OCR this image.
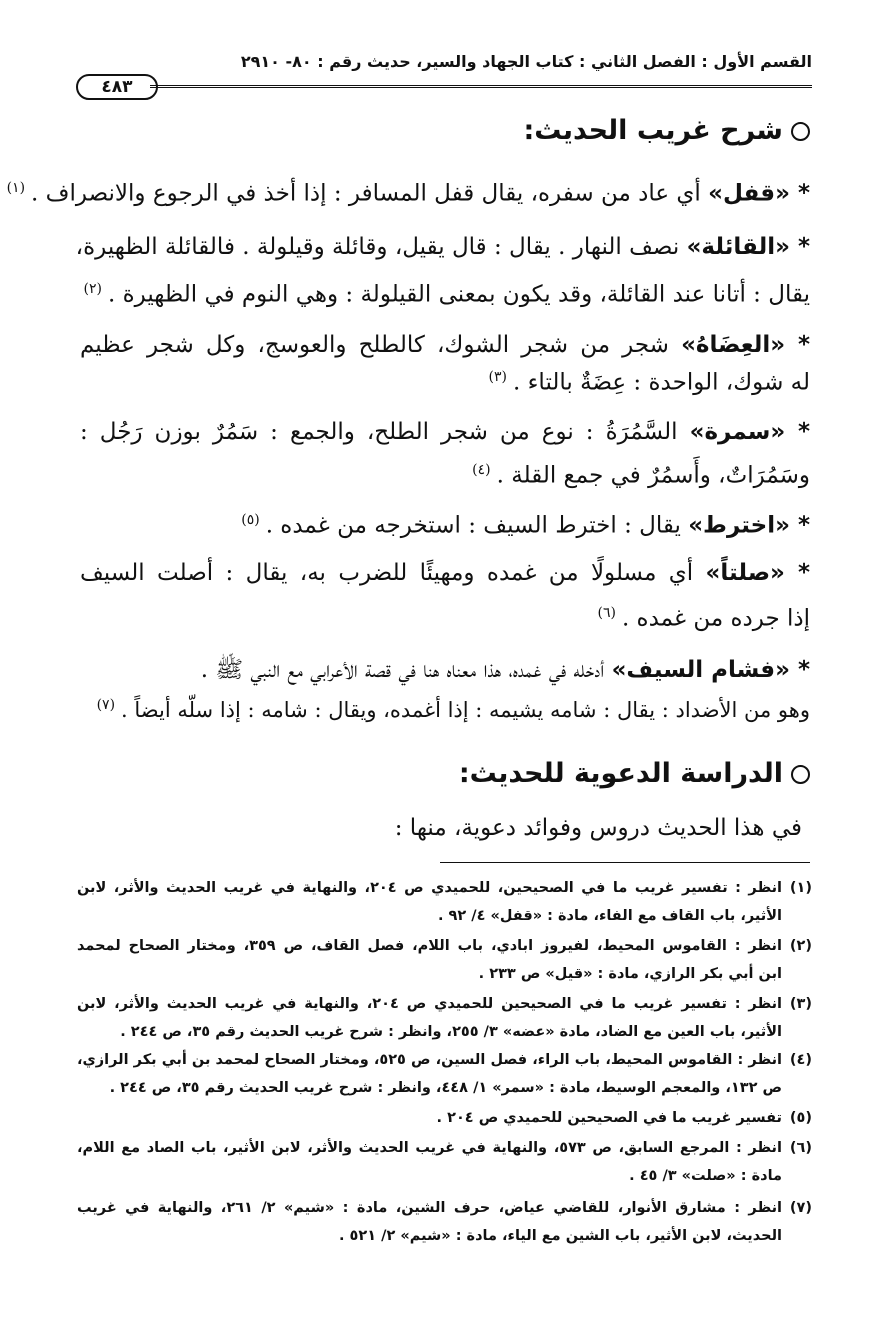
القسم الأول : الفصل الثاني : كتاب الجهاد والسير، حديث رقم : ٨٠- ٢٩١٠
٤٨٣
شرح غريب الحديث:
* «قفل» أي عاد من سفره، يقال قفل المسافر : إذا أخذ في الرجوع والانصراف .$^{(١)}$
* «القائلة» نصف النهار . يقال : قال يقيل، وقائلة وقيلولة . فالقائلة الظهيرة،
يقال : أتانا عند القائلة، وقد يكون بمعنى القيلولة : وهي النوم في الظهيرة .$^{(٢)}$
* «العِضَاهُ» شجر من شجر الشوك، كالطلح والعوسج، وكل شجر عظيم
له شوك، الواحدة : عِضَةٌ بالتاء .$^{(٣)}$
* «سمرة» السَّمُرَةُ : نوع من شجر الطلح، والجمع : سَمُرٌ بوزن رَجُل :
وسَمُرَاتٌ، وأَسمُرٌ في جمع القلة .$^{(٤)}$
* «اخترط» يقال : اخترط السيف : استخرجه من غمده .$^{(٥)}$
* «صلتاً» أي مسلولًا من غمده ومهيئًا للضرب به، يقال : أصلت السيف
إذا جرده من غمده .$^{(٦)}$
* «فشام السيف» أدخله في غمده، هذا معناه هنا في قصة الأعرابي مع النبي ﷺ .
وهو من الأضداد : يقال : شامه يشيمه : إذا أغمده، ويقال : شامه : إذا سلّه أيضاً .$^{(٧)}$
الدراسة الدعوية للحديث:
في هذا الحديث دروس وفوائد دعوية، منها :
(١)انظر : تفسير غريب ما في الصحيحين، للحميدي ص ٢٠٤، والنهاية في غريب الحديث والأثر، لابن
الأثير، باب القاف مع الفاء، مادة : «قفل» ٤/ ٩٢ .
(٢)انظر : القاموس المحيط، لفيروز ابادي، باب اللام، فصل القاف، ص ٣٥٩، ومختار الصحاح لمحمد
ابن أبي بكر الرازي، مادة : «قيل» ص ٢٣٣ .
(٣)انظر : تفسير غريب ما في الصحيحين للحميدي ص ٢٠٤، والنهاية في غريب الحديث والأثر، لابن
الأثير، باب العين مع الضاد، مادة «عضه» ٣/ ٢٥٥، وانظر : شرح غريب الحديث رقم ٣٥، ص ٢٤٤ .
(٤)انظر : القاموس المحيط، باب الراء، فصل السين، ص ٥٢٥، ومختار الصحاح لمحمد بن أبي بكر الرازي،
ص ١٣٢، والمعجم الوسيط، مادة : «سمر» ١/ ٤٤٨، وانظر : شرح غريب الحديث رقم ٣٥، ص ٢٤٤ .
(٥)تفسير غريب ما في الصحيحين للحميدي ص ٢٠٤ .
(٦)انظر : المرجع السابق، ص ٥٧٣، والنهاية في غريب الحديث والأثر، لابن الأثير، باب الصاد مع اللام،
مادة : «صلت» ٣/ ٤٥ .
(٧)انظر : مشارق الأنوار، للقاضي عياض، حرف الشين، مادة : «شيم» ٢/ ٢٦١، والنهاية في غريب
الحديث، لابن الأثير، باب الشين مع الياء، مادة : «شيم» ٢/ ٥٢١ .
